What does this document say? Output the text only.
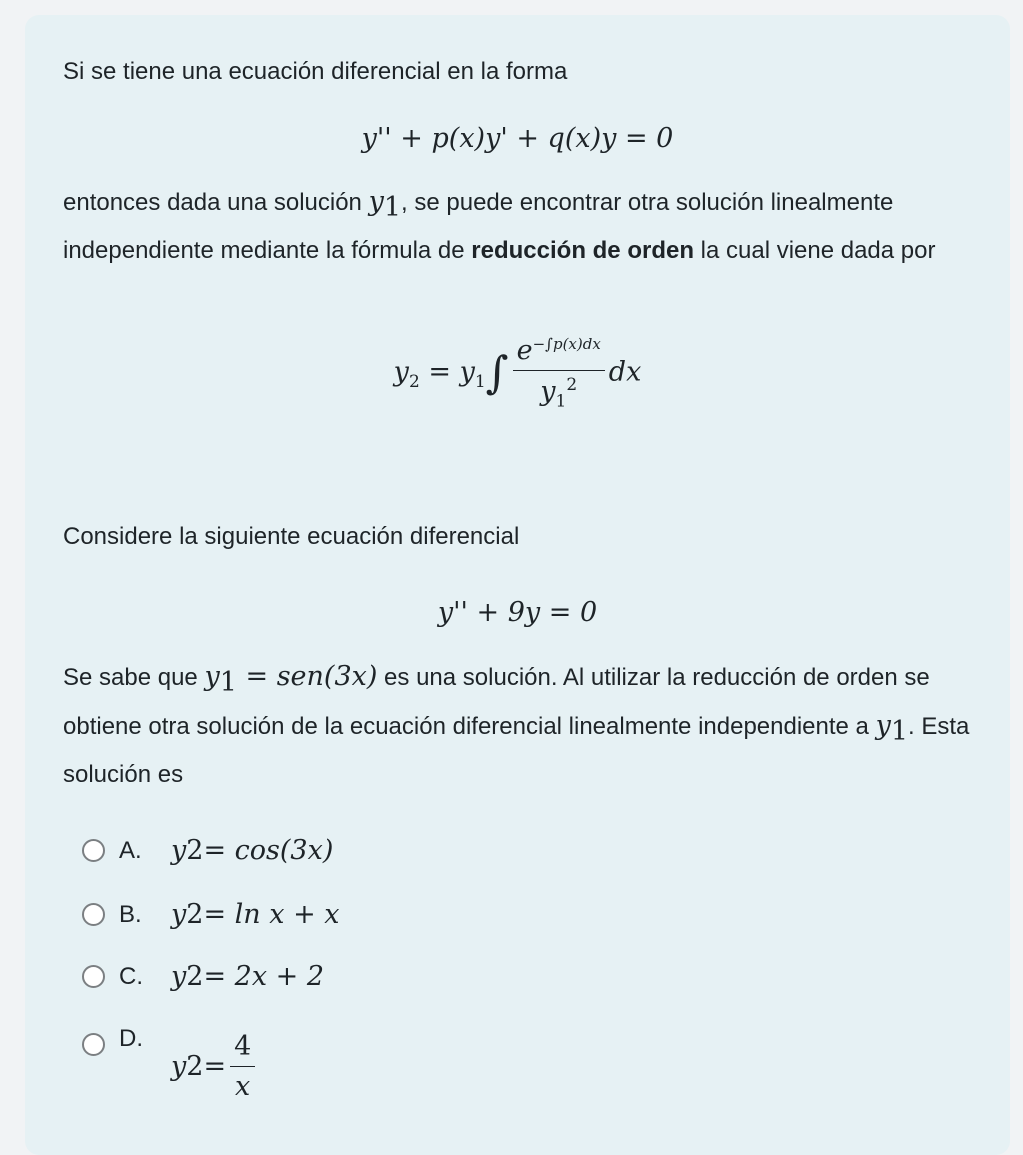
Si se tiene una ecuación diferencial en la forma
y'' + p(x)y' + q(x)y = 0
entonces dada una solución $y_1$, se puede encontrar otra solución linealmente independiente mediante la fórmula de reducción de orden la cual viene dada por
$y_2 = y_1\int \frac{e^{-\int p(x)dx}}{y_1^2}$ dx
Considere la siguiente ecuación diferencial
y'' + 9y = 0
Se sabe que $y_1 = sen(3x)$ es una solución. Al utilizar la reducción de orden se obtiene otra solución de la ecuación diferencial linealmente independiente a $y_1$. Esta solución es
A.	y 2 = cos(3x)
B.	y 2 = ln x + x
C.	y 2 = 2x + 2
D.
y $2 = \frac{4}{x}$
